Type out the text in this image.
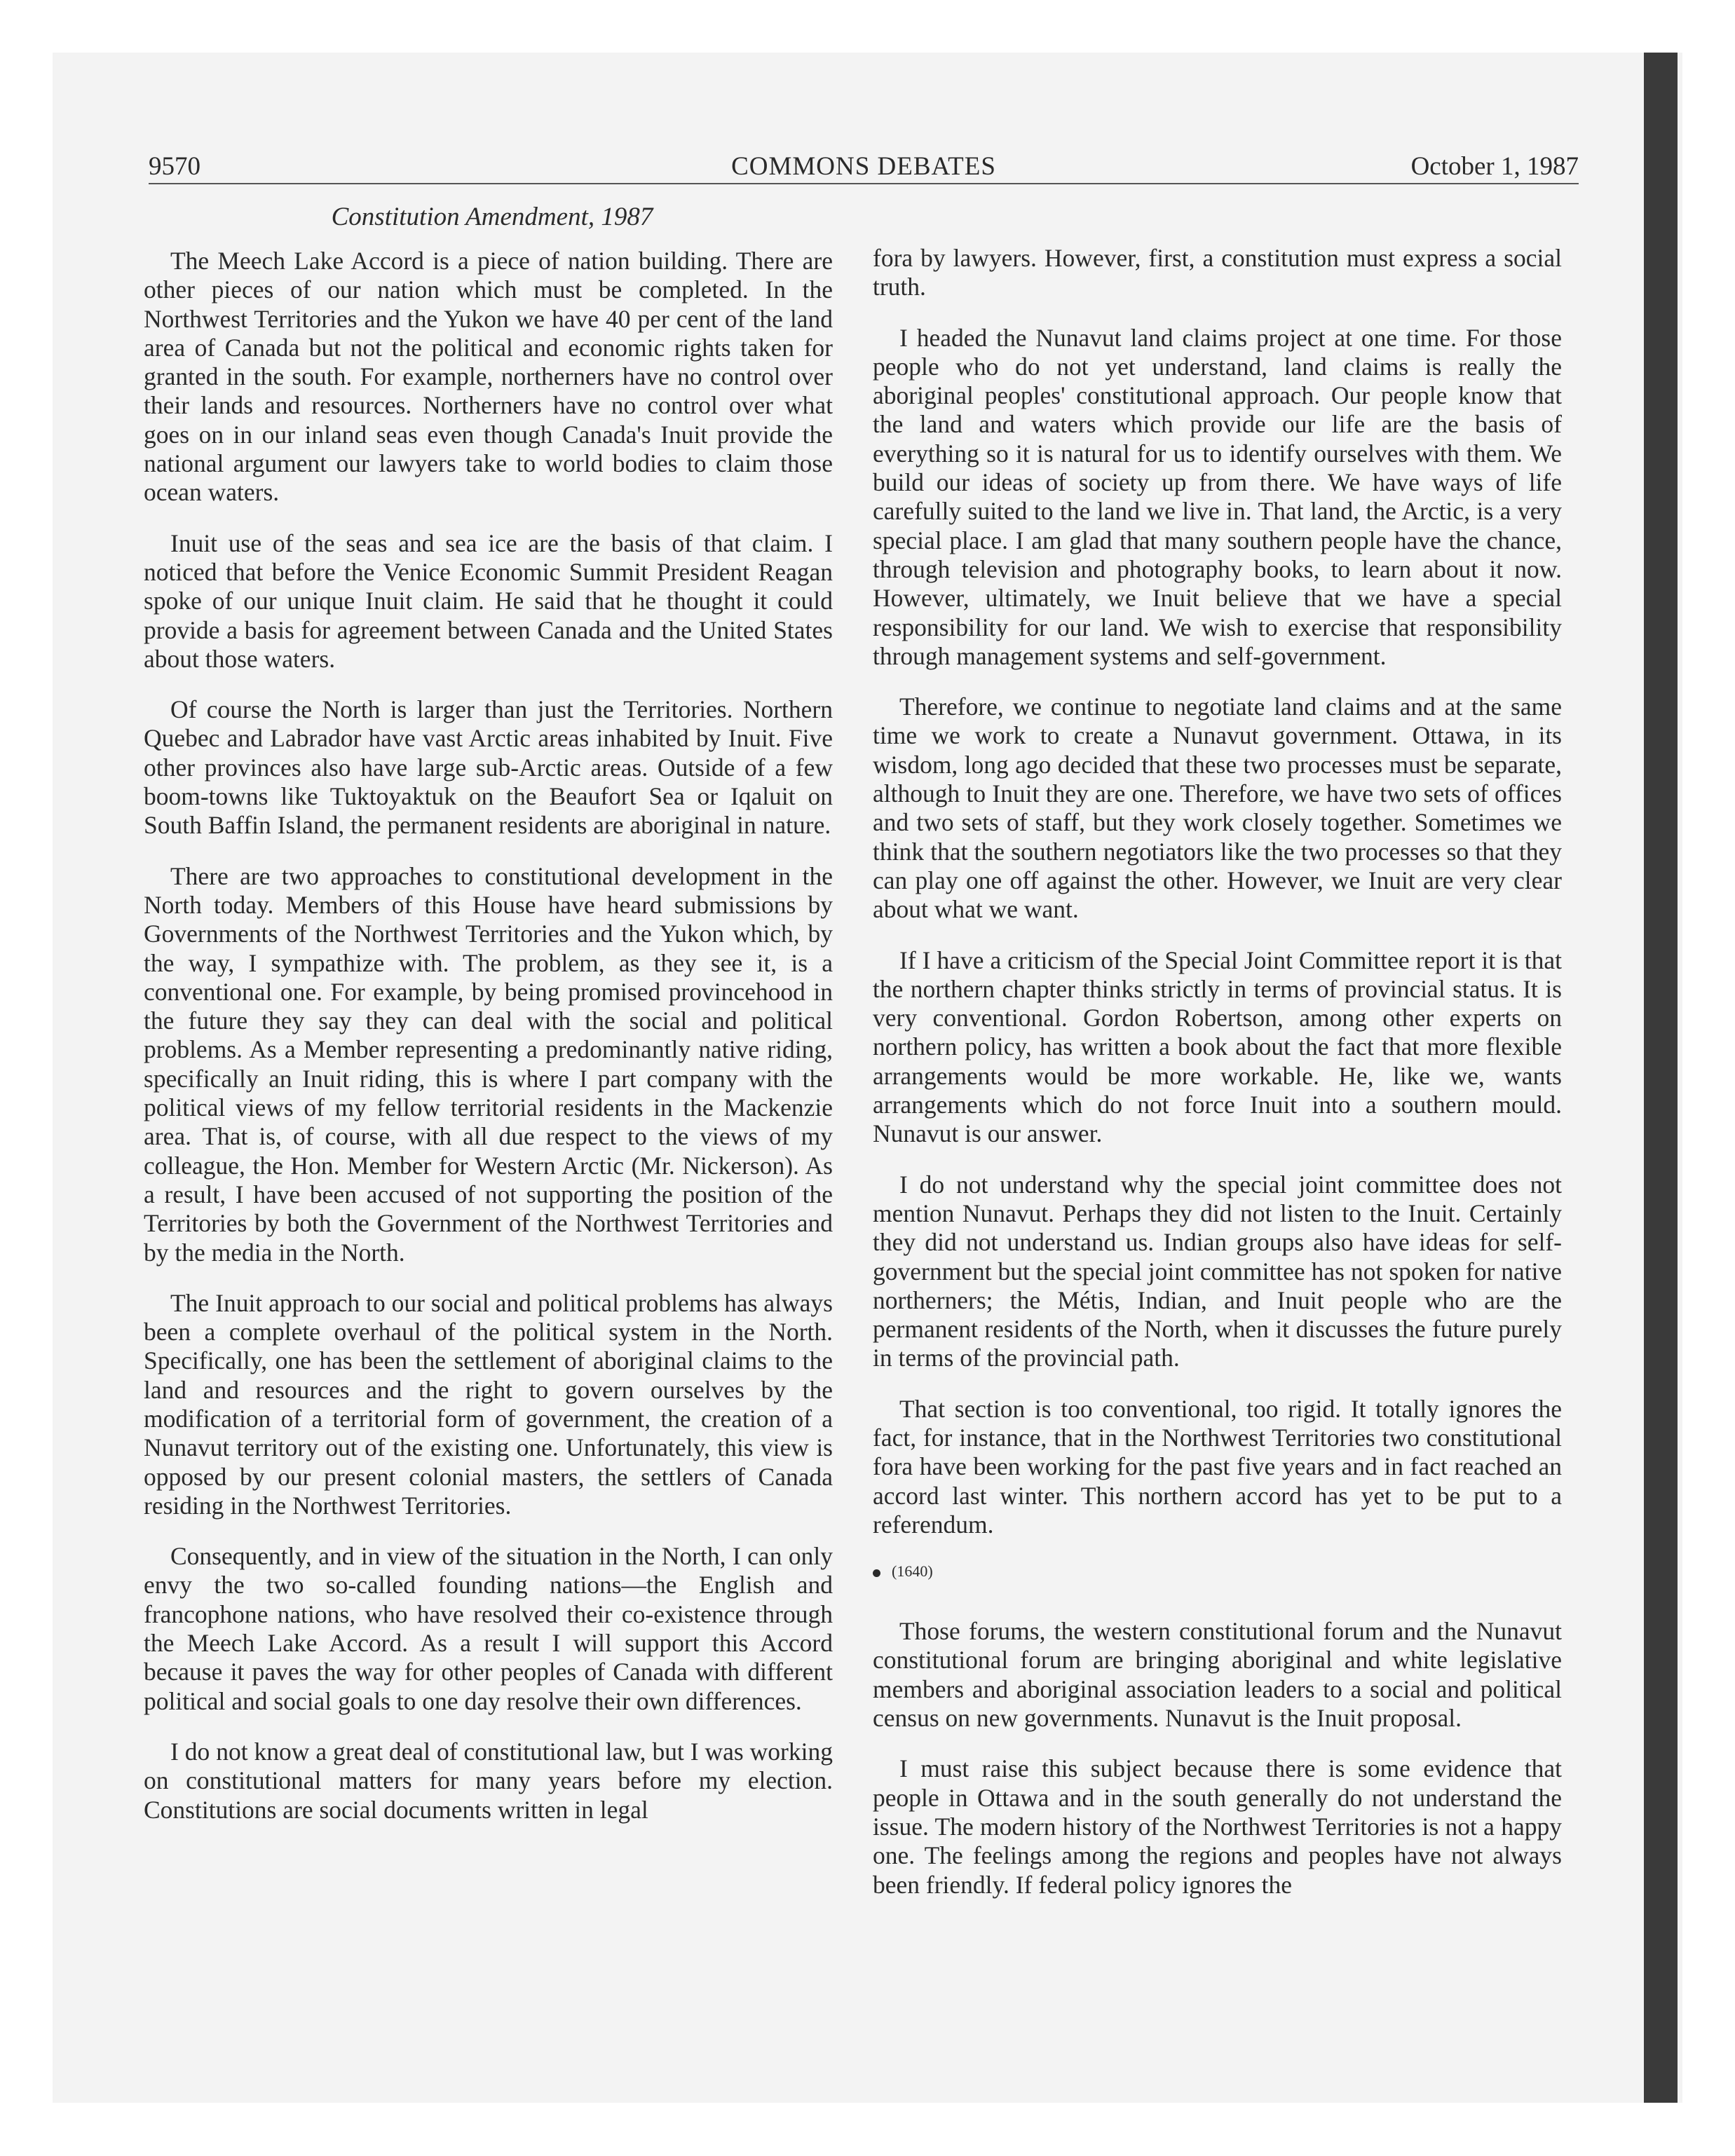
9570	COMMONS DEBATES	October 1, 1987
Constitution Amendment, 1987

The Meech Lake Accord is a piece of nation building. There are other pieces of our nation which must be completed. In the Northwest Territories and the Yukon we have 40 per cent of the land area of Canada but not the political and economic rights taken for granted in the south. For example, northerners have no control over their lands and resources. Northerners have no control over what goes on in our inland seas even though Canada's Inuit provide the national argument our lawyers take to world bodies to claim those ocean waters.

Inuit use of the seas and sea ice are the basis of that claim. I noticed that before the Venice Economic Summit President Reagan spoke of our unique Inuit claim. He said that he thought it could provide a basis for agreement between Canada and the United States about those waters.

Of course the North is larger than just the Territories. Northern Quebec and Labrador have vast Arctic areas inhabited by Inuit. Five other provinces also have large sub-Arctic areas. Outside of a few boom-towns like Tuktoyaktuk on the Beaufort Sea or Iqaluit on South Baffin Island, the permanent residents are aboriginal in nature.

There are two approaches to constitutional development in the North today. Members of this House have heard submissions by Governments of the Northwest Territories and the Yukon which, by the way, I sympathize with. The problem, as they see it, is a conventional one. For example, by being promised provincehood in the future they say they can deal with the social and political problems. As a Member representing a predominantly native riding, specifically an Inuit riding, this is where I part company with the political views of my fellow territorial residents in the Mackenzie area. That is, of course, with all due respect to the views of my colleague, the Hon. Member for Western Arctic (Mr. Nickerson). As a result, I have been accused of not supporting the position of the Territories by both the Government of the Northwest Territories and by the media in the North.

The Inuit approach to our social and political problems has always been a complete overhaul of the political system in the North. Specifically, one has been the settlement of aboriginal claims to the land and resources and the right to govern ourselves by the modification of a territorial form of government, the creation of a Nunavut territory out of the existing one. Unfortunately, this view is opposed by our present colonial masters, the settlers of Canada residing in the Northwest Territories.

Consequently, and in view of the situation in the North, I can only envy the two so-called founding nations—the English and francophone nations, who have resolved their co-existence through the Meech Lake Accord. As a result I will support this Accord because it paves the way for other peoples of Canada with different political and social goals to one day resolve their own differences.

I do not know a great deal of constitutional law, but I was working on constitutional matters for many years before my election. Constitutions are social documents written in legal

fora by lawyers. However, first, a constitution must express a social truth.

I headed the Nunavut land claims project at one time. For those people who do not yet understand, land claims is really the aboriginal peoples' constitutional approach. Our people know that the land and waters which provide our life are the basis of everything so it is natural for us to identify ourselves with them. We build our ideas of society up from there. We have ways of life carefully suited to the land we live in. That land, the Arctic, is a very special place. I am glad that many southern people have the chance, through television and photography books, to learn about it now. However, ultimately, we Inuit believe that we have a special responsibility for our land. We wish to exercise that responsibility through management systems and self-government.

Therefore, we continue to negotiate land claims and at the same time we work to create a Nunavut government. Ottawa, in its wisdom, long ago decided that these two processes must be separate, although to Inuit they are one. Therefore, we have two sets of offices and two sets of staff, but they work closely together. Sometimes we think that the southern negotiators like the two processes so that they can play one off against the other. However, we Inuit are very clear about what we want.

If I have a criticism of the Special Joint Committee report it is that the northern chapter thinks strictly in terms of provincial status. It is very conventional. Gordon Robertson, among other experts on northern policy, has written a book about the fact that more flexible arrangements would be more workable. He, like we, wants arrangements which do not force Inuit into a southern mould. Nunavut is our answer.

I do not understand why the special joint committee does not mention Nunavut. Perhaps they did not listen to the Inuit. Certainly they did not understand us. Indian groups also have ideas for self-government but the special joint committee has not spoken for native northerners; the Métis, Indian, and Inuit people who are the permanent residents of the North, when it discusses the future purely in terms of the provincial path.

That section is too conventional, too rigid. It totally ignores the fact, for instance, that in the Northwest Territories two constitutional fora have been working for the past five years and in fact reached an accord last winter. This northern accord has yet to be put to a referendum.

(1640)

Those forums, the western constitutional forum and the Nunavut constitutional forum are bringing aboriginal and white legislative members and aboriginal association leaders to a social and political census on new governments. Nunavut is the Inuit proposal.

I must raise this subject because there is some evidence that people in Ottawa and in the south generally do not understand the issue. The modern history of the Northwest Territories is not a happy one. The feelings among the regions and peoples have not always been friendly. If federal policy ignores the
